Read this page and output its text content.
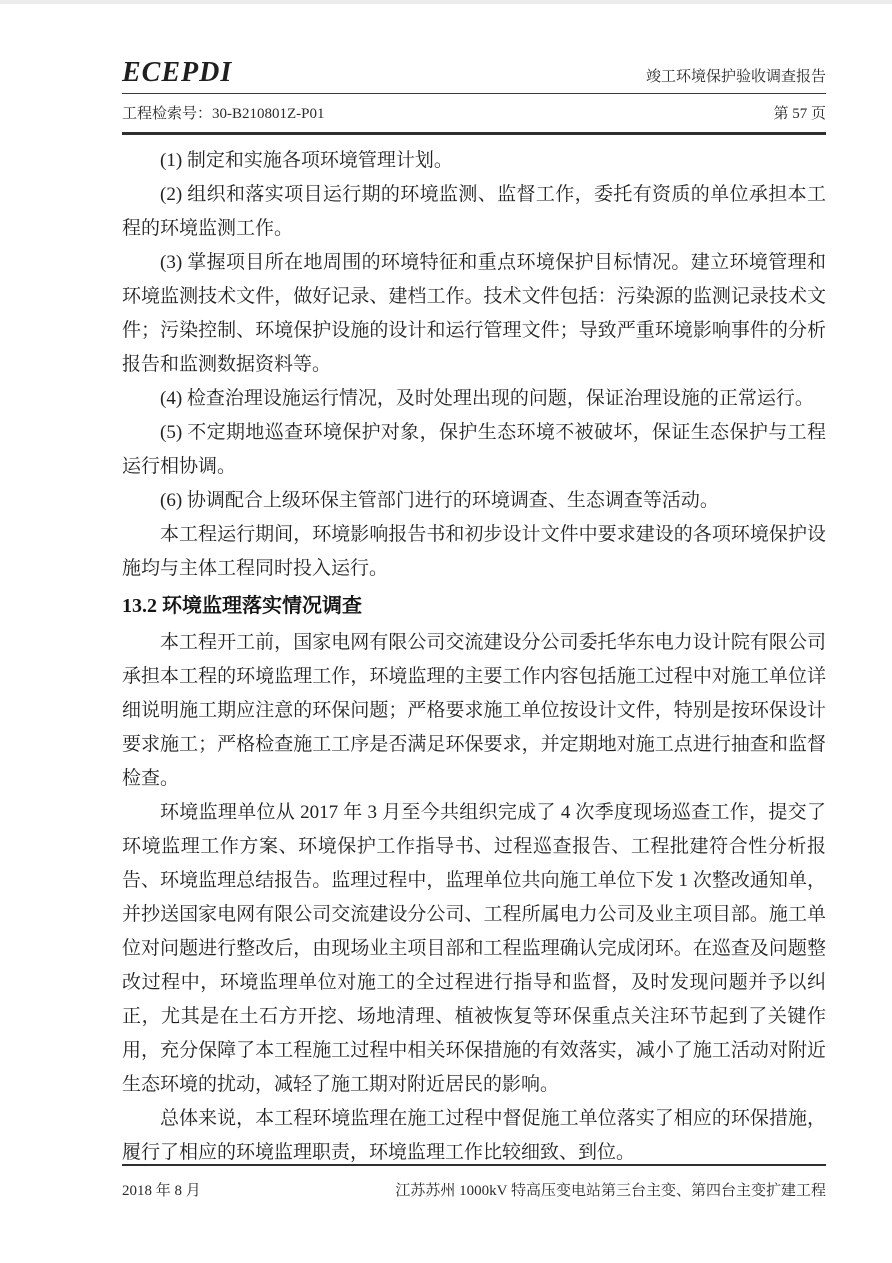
ECEPDI	竣工环境保护验收调查报告
工程检索号：30-B210801Z-P01	第 57 页

(1) 制定和实施各项环境管理计划。

(2) 组织和落实项目运行期的环境监测、监督工作，委托有资质的单位承担本工程的环境监测工作。

(3) 掌握项目所在地周围的环境特征和重点环境保护目标情况。建立环境管理和环境监测技术文件，做好记录、建档工作。技术文件包括：污染源的监测记录技术文件；污染控制、环境保护设施的设计和运行管理文件；导致严重环境影响事件的分析报告和监测数据资料等。

(4) 检查治理设施运行情况，及时处理出现的问题，保证治理设施的正常运行。

(5) 不定期地巡查环境保护对象，保护生态环境不被破坏，保证生态保护与工程运行相协调。

(6) 协调配合上级环保主管部门进行的环境调查、生态调查等活动。

本工程运行期间，环境影响报告书和初步设计文件中要求建设的各项环境保护设施均与主体工程同时投入运行。

13.2 环境监理落实情况调查

本工程开工前，国家电网有限公司交流建设分公司委托华东电力设计院有限公司承担本工程的环境监理工作，环境监理的主要工作内容包括施工过程中对施工单位详细说明施工期应注意的环保问题；严格要求施工单位按设计文件，特别是按环保设计要求施工；严格检查施工工序是否满足环保要求，并定期地对施工点进行抽查和监督检查。

环境监理单位从 2017 年 3 月至今共组织完成了 4 次季度现场巡查工作，提交了环境监理工作方案、环境保护工作指导书、过程巡查报告、工程批建符合性分析报告、环境监理总结报告。监理过程中，监理单位共向施工单位下发 1 次整改通知单，并抄送国家电网有限公司交流建设分公司、工程所属电力公司及业主项目部。施工单位对问题进行整改后，由现场业主项目部和工程监理确认完成闭环。在巡查及问题整改过程中，环境监理单位对施工的全过程进行指导和监督，及时发现问题并予以纠正，尤其是在土石方开挖、场地清理、植被恢复等环保重点关注环节起到了关键作用，充分保障了本工程施工过程中相关环保措施的有效落实，减小了施工活动对附近生态环境的扰动，减轻了施工期对附近居民的影响。

总体来说，本工程环境监理在施工过程中督促施工单位落实了相应的环保措施，履行了相应的环境监理职责，环境监理工作比较细致、到位。

2018 年 8 月	江苏苏州 1000kV 特高压变电站第三台主变、第四台主变扩建工程
